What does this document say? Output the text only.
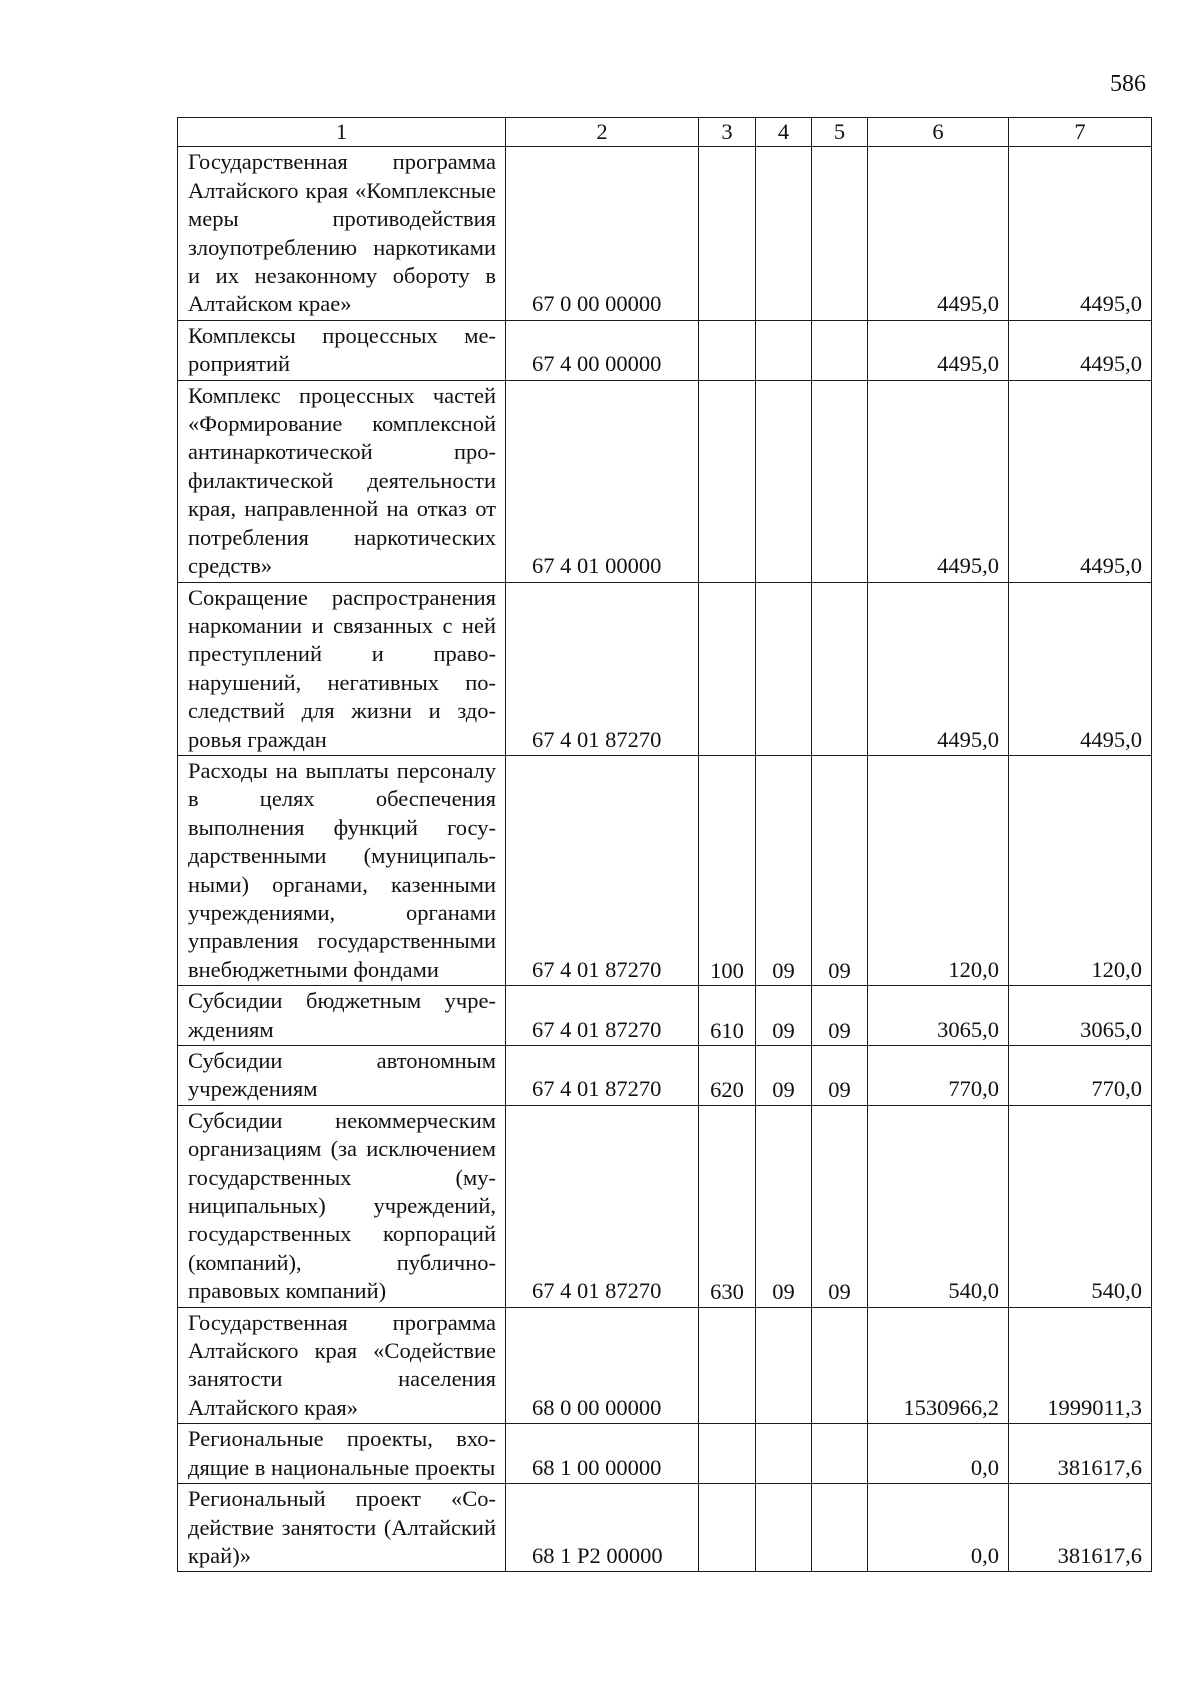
586
1	2	3	4	5	6	7
Государственная программа Алтайского края «Комплексные меры противодействия злоупотреблению наркотиками и их незаконному обороту в Алтайском крае»	67 0 00 00000				4495,0	4495,0
Комплексы процессных мероприятий	67 4 00 00000				4495,0	4495,0
Комплекс процессных частей «Формирование комплексной антинаркотической профилактической деятельности края, направленной на отказ от потребления наркотических средств»	67 4 01 00000				4495,0	4495,0
Сокращение распространения наркомании и связанных с ней преступлений и правонарушений, негативных последствий для жизни и здоровья граждан	67 4 01 87270				4495,0	4495,0
Расходы на выплаты персоналу в целях обеспечения выполнения функций государственными (муниципальными) органами, казенными учреждениями, органами управления государственными внебюджетными фондами	67 4 01 87270	100	09	09	120,0	120,0
Субсидии бюджетным учреждениям	67 4 01 87270	610	09	09	3065,0	3065,0
Субсидии автономным учреждениям	67 4 01 87270	620	09	09	770,0	770,0
Субсидии некоммерческим организациям (за исключением государственных (муниципальных) учреждений, государственных корпораций (компаний), публично-правовых компаний)	67 4 01 87270	630	09	09	540,0	540,0
Государственная программа Алтайского края «Содействие занятости населения Алтайского края»	68 0 00 00000				1530966,2	1999011,3
Региональные проекты, входящие в национальные проекты	68 1 00 00000				0,0	381617,6
Региональный проект «Содействие занятости (Алтайский край)»	68 1 P2 00000				0,0	381617,6
